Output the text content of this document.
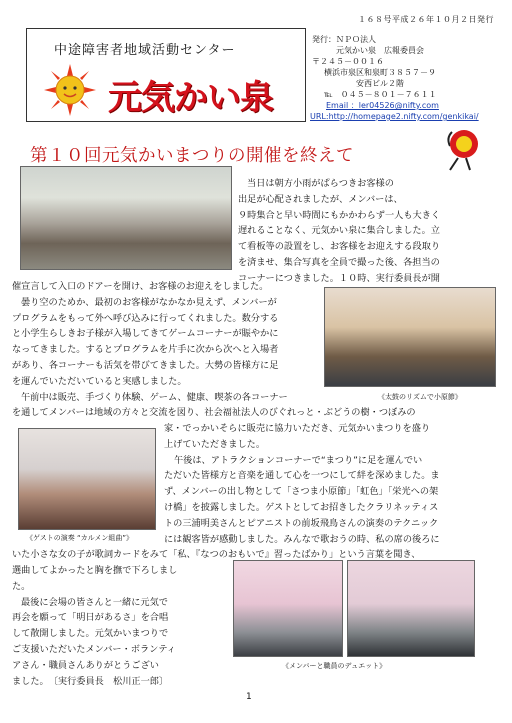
１６８号平成２６年１０月２日発行
中途障害者地域活動センター
元気かい泉
発行：ＮＰＯ法人
元気かい泉　広報委員会
〒２４５－００１６
横浜市泉区和泉町３８５７－９
安西ビル２階
℡　０４５－８０１－７６１１
Email ：ler04526@nifty.com
URL:http://homepage2.nifty.com/genkikai/
第１０回元気かいまつりの開催を終えて
当日は朝方小雨がぱらつきお客様の
出足が心配されましたが、メンバーは、
９時集合と早い時間にもかかわらず一人も大きく
遅れることなく、元気かい泉に集合しました。立
て看板等の設置をし、お客様をお迎えする段取り
を済ませ、集合写真を全員で撮った後、各担当の
コーナーにつきました。１０時、実行委員長が開
催宣言して入口のドアーを開け、お客様のお迎えをしました。
曇り空のためか、最初のお客様がなかなか見えず、メンバーが
プログラムをもって外へ呼び込みに行ってくれました。数分する
と小学生らしきお子様が入場してきてゲームコーナーが賑やかに
なってきました。するとプログラムを片手に次から次へと入場者
があり、各コーナーも活気を帯びてきました。大勢の皆様方に足
を運んでいただいていると実感しました。
午前中は販売、手づくり体験、ゲーム、健康、喫茶の各コーナー	《太鼓のリズムで小原節》
を通してメンバーは地域の方々と交流を図り、社会福祉法人のびぐれっと・ぶどうの樹・つぼみの
《ゲストの演奏 “カルメン組曲”》
家・でっかいそらに販売に協力いただき、元気かいまつりを盛り
上げていただきました。
午後は、アトラクションコーナーで“まつり”に足を運んでい
ただいた皆様方と音楽を通して心を一つにして絆を深めました。ま
ず、メンバーの出し物として「さつま小原節」「虹色」「栄光への架
け橋」を披露しました。ゲストとしてお招きしたクラリネッティス
トの三浦明美さんとピアニストの前坂飛鳥さんの演奏のテクニック
には観客皆が感動しました。みんなで歌おうの時、私の席の後ろに
いた小さな女の子が歌詞カードをみて「私、『なつのおもいで』習ったばかり」という言葉を聞き、
選曲してよかったと胸を撫で下ろしまし
た。
最後に会場の皆さんと一緒に元気で
再会を願って「明日があるさ」を合唱
して散開しました。元気かいまつりで
ご支援いただいたメンバー・ボランティ
アさん・職員さんありがとうござい
ました。　〔実行委員長　松川正一郎〕
《メンバーと職員のデュエット》
1
